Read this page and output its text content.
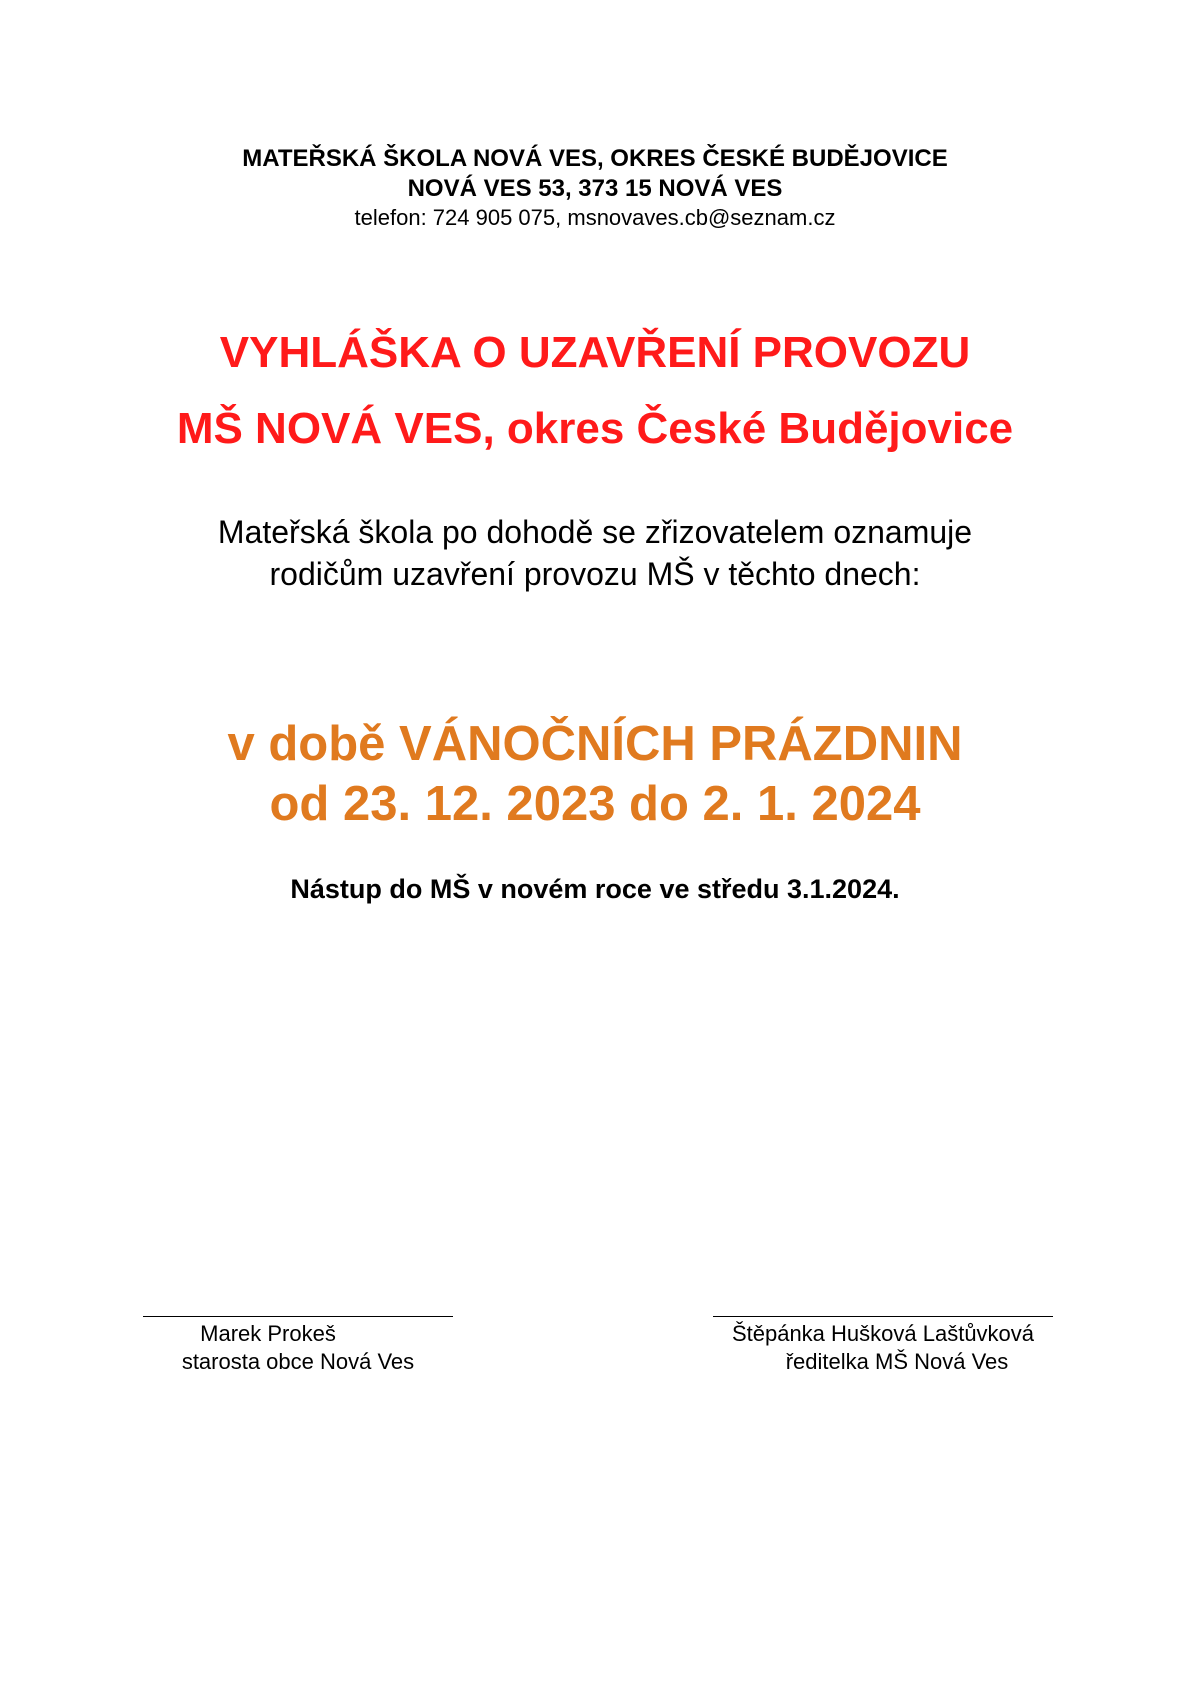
MATEŘSKÁ ŠKOLA NOVÁ VES, OKRES ČESKÉ BUDĚJOVICE
NOVÁ VES 53, 373 15 NOVÁ VES
telefon: 724 905 075, msnovaves.cb@seznam.cz
VYHLÁŠKA O UZAVŘENÍ PROVOZU
MŠ NOVÁ VES, okres České Budějovice
Mateřská škola po dohodě se zřizovatelem oznamuje
rodičům uzavření provozu MŠ v těchto dnech:
v době VÁNOČNÍCH PRÁZDNIN
od 23. 12. 2023 do 2. 1. 2024
Nástup do MŠ v novém roce ve středu 3.1.2024.
Marek Prokeš
starosta obce Nová Ves
Štěpánka Hušková Laštůvková
ředitelka MŠ Nová Ves
